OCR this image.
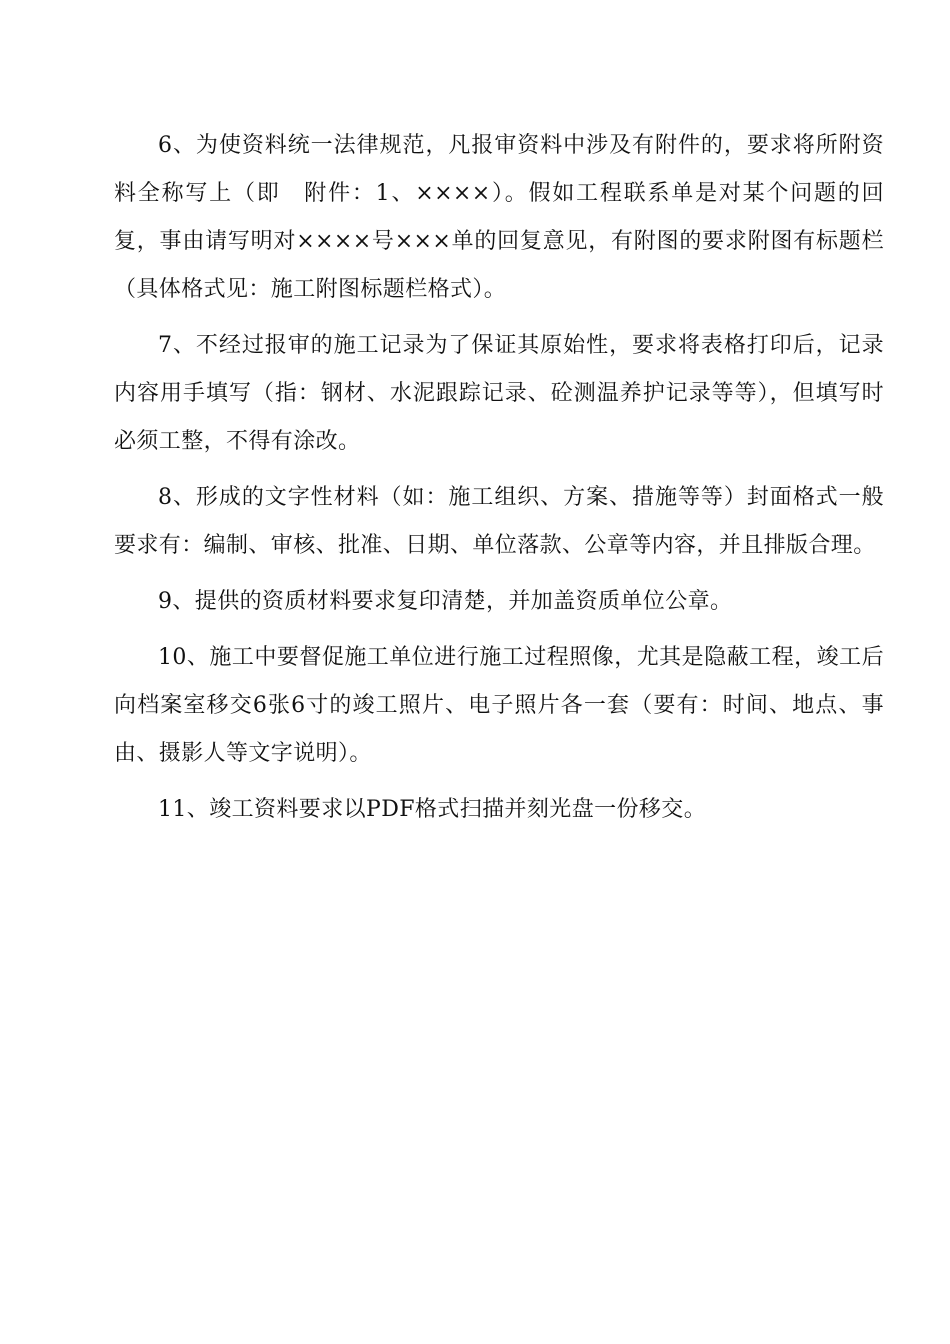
6、为使资料统一法律规范，凡报审资料中涉及有附件的，要求将所附资料全称写上（即　附件：1、××××）。假如工程联系单是对某个问题的回复，事由请写明对××××号×××单的回复意见，有附图的要求附图有标题栏（具体格式见：施工附图标题栏格式）。

7、不经过报审的施工记录为了保证其原始性，要求将表格打印后，记录内容用手填写（指：钢材、水泥跟踪记录、砼测温养护记录等等），但填写时必须工整，不得有涂改。

8、形成的文字性材料（如：施工组织、方案、措施等等）封面格式一般要求有：编制、审核、批准、日期、单位落款、公章等内容，并且排版合理。

9、提供的资质材料要求复印清楚，并加盖资质单位公章。

10、施工中要督促施工单位进行施工过程照像，尤其是隐蔽工程，竣工后向档案室移交6张6寸的竣工照片、电子照片各一套（要有：时间、地点、事由、摄影人等文字说明）。

11、竣工资料要求以PDF格式扫描并刻光盘一份移交。
